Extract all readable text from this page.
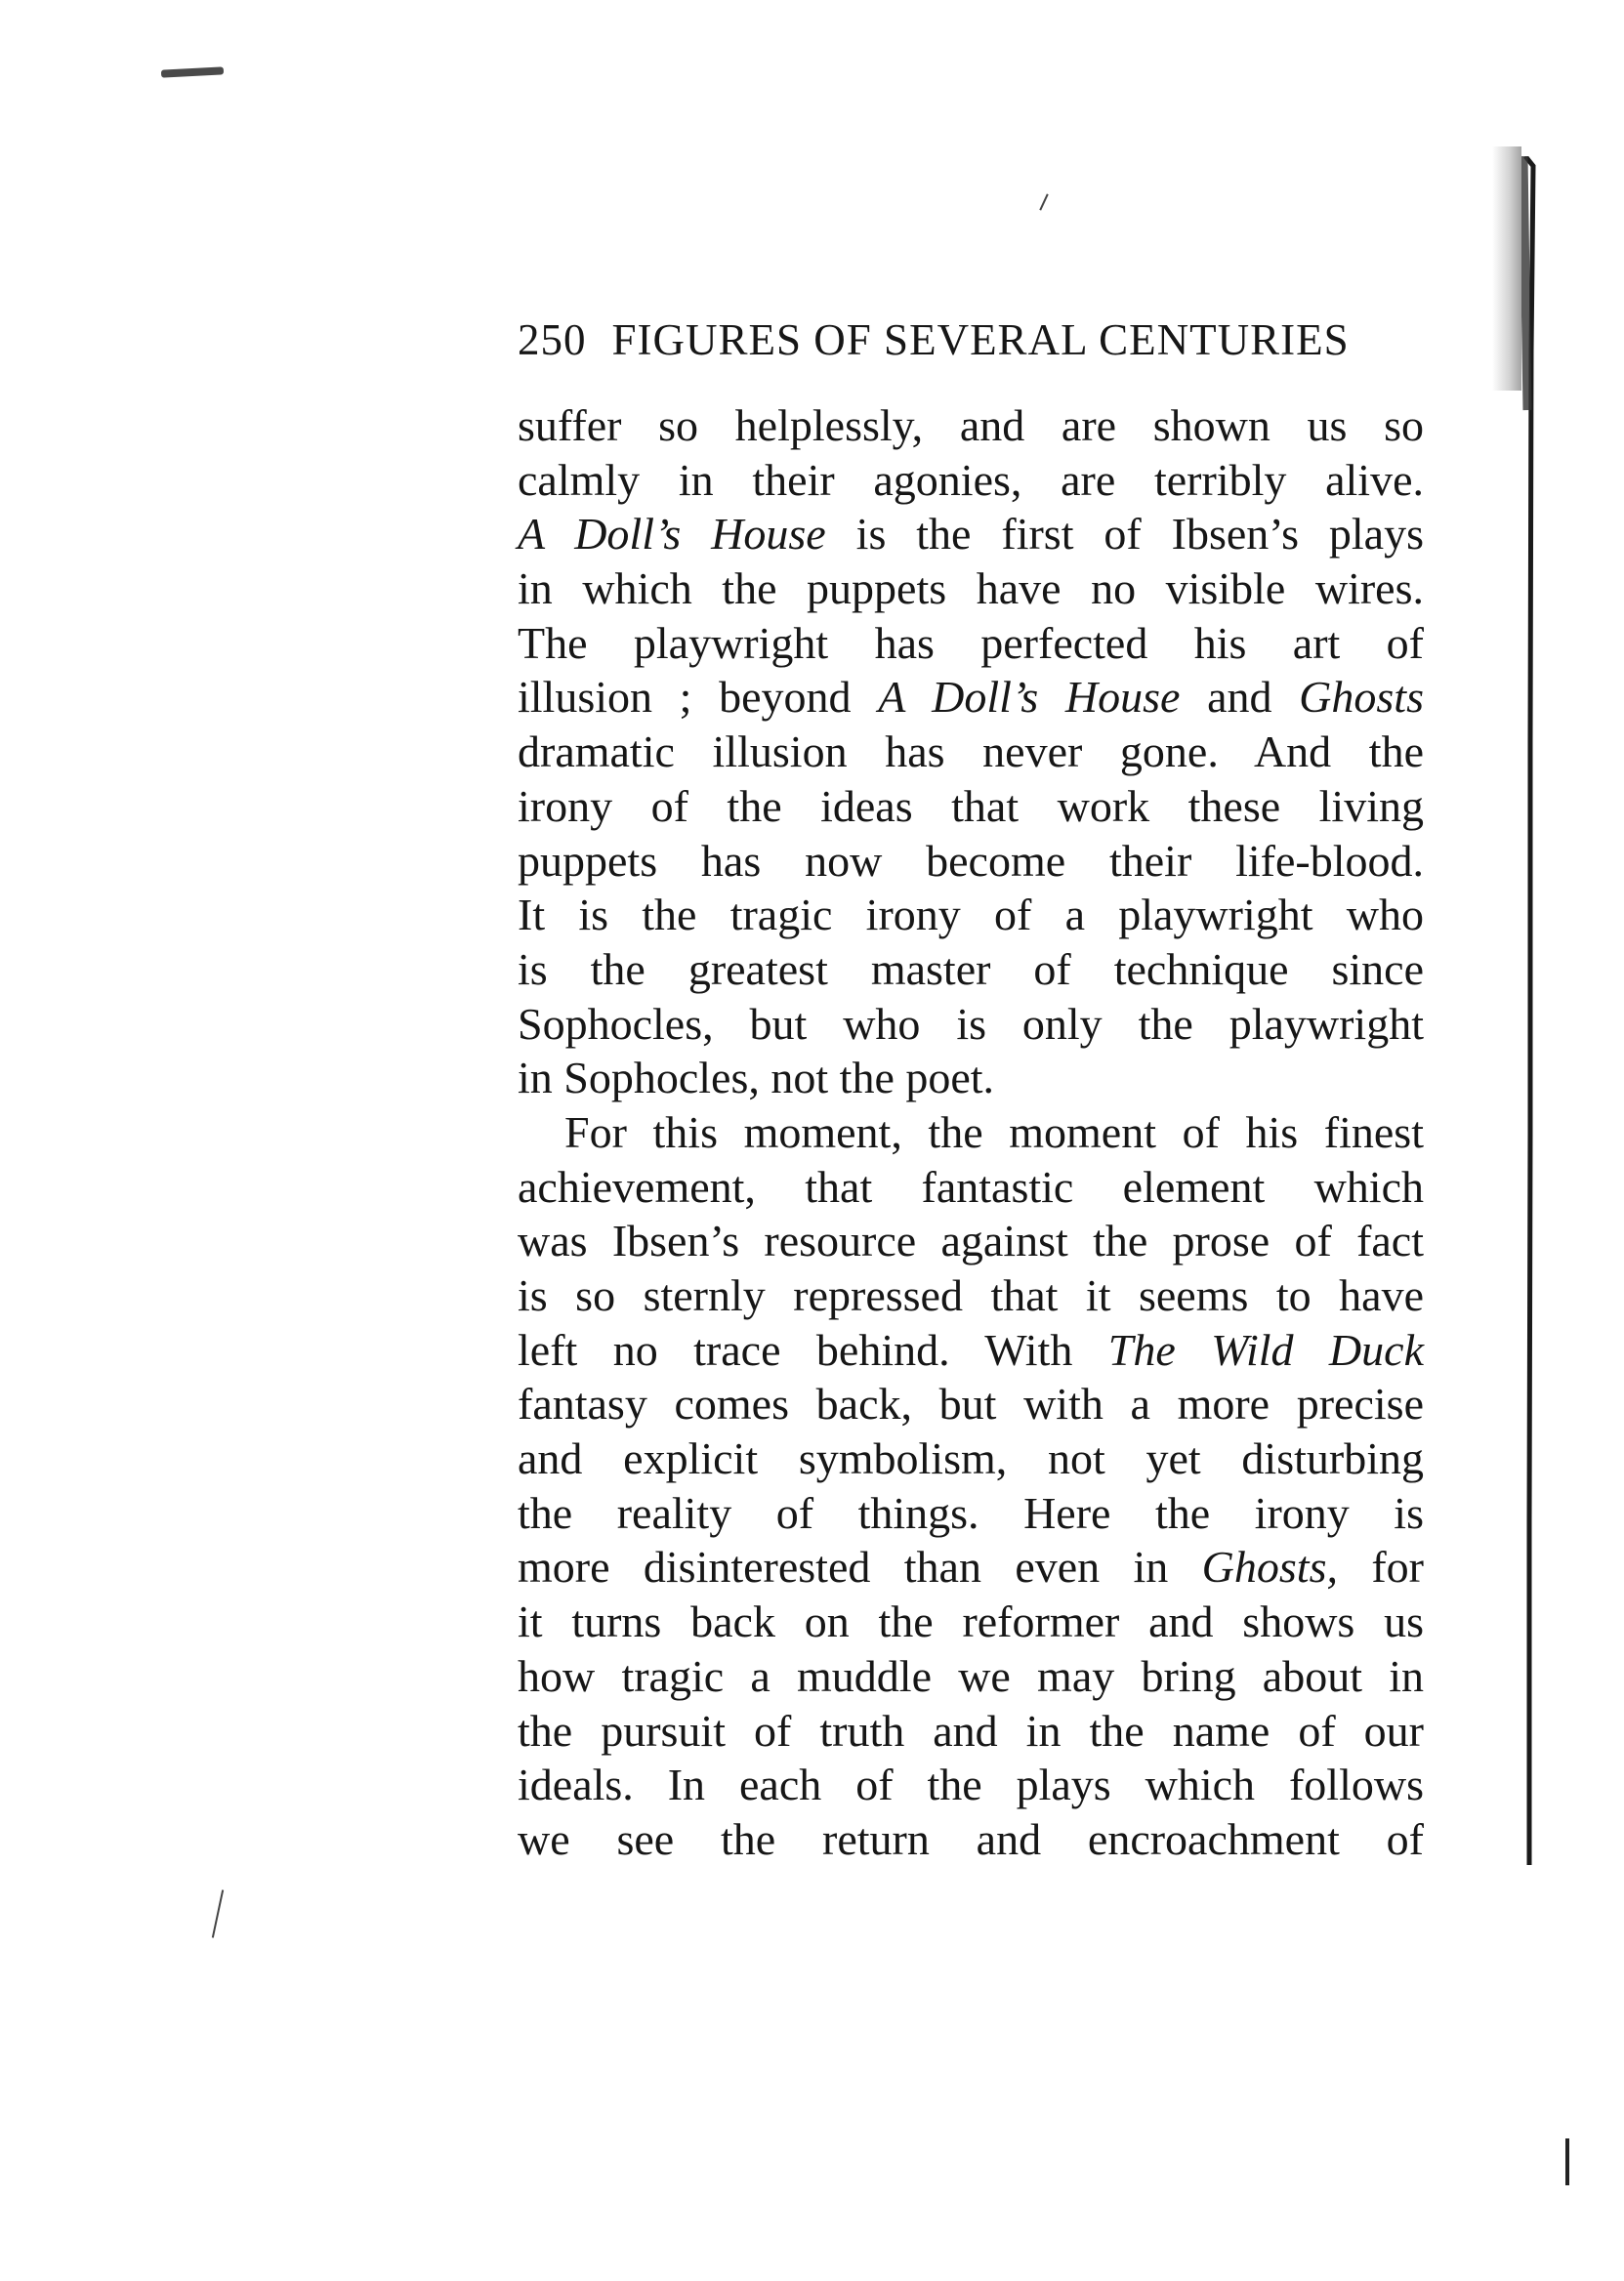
250 FIGURES OF SEVERAL CENTURIES
suffer so helplessly, and are shown us so
calmly in their agonies, are terribly alive.
A Doll’s House is the first of Ibsen’s plays
in which the puppets have no visible wires.
The playwright has perfected his art of
illusion ; beyond A Doll’s House and Ghosts
dramatic illusion has never gone. And the
irony of the ideas that work these living
puppets has now become their life-blood.
It is the tragic irony of a playwright who
is the greatest master of technique since
Sophocles, but who is only the playwright
in Sophocles, not the poet.
For this moment, the moment of his finest
achievement, that fantastic element which
was Ibsen’s resource against the prose of fact
is so sternly repressed that it seems to have
left no trace behind. With The Wild Duck
fantasy comes back, but with a more precise
and explicit symbolism, not yet disturbing
the reality of things. Here the irony is
more disinterested than even in Ghosts, for
it turns back on the reformer and shows us
how tragic a muddle we may bring about in
the pursuit of truth and in the name of our
ideals. In each of the plays which follows
we see the return and encroachment of
